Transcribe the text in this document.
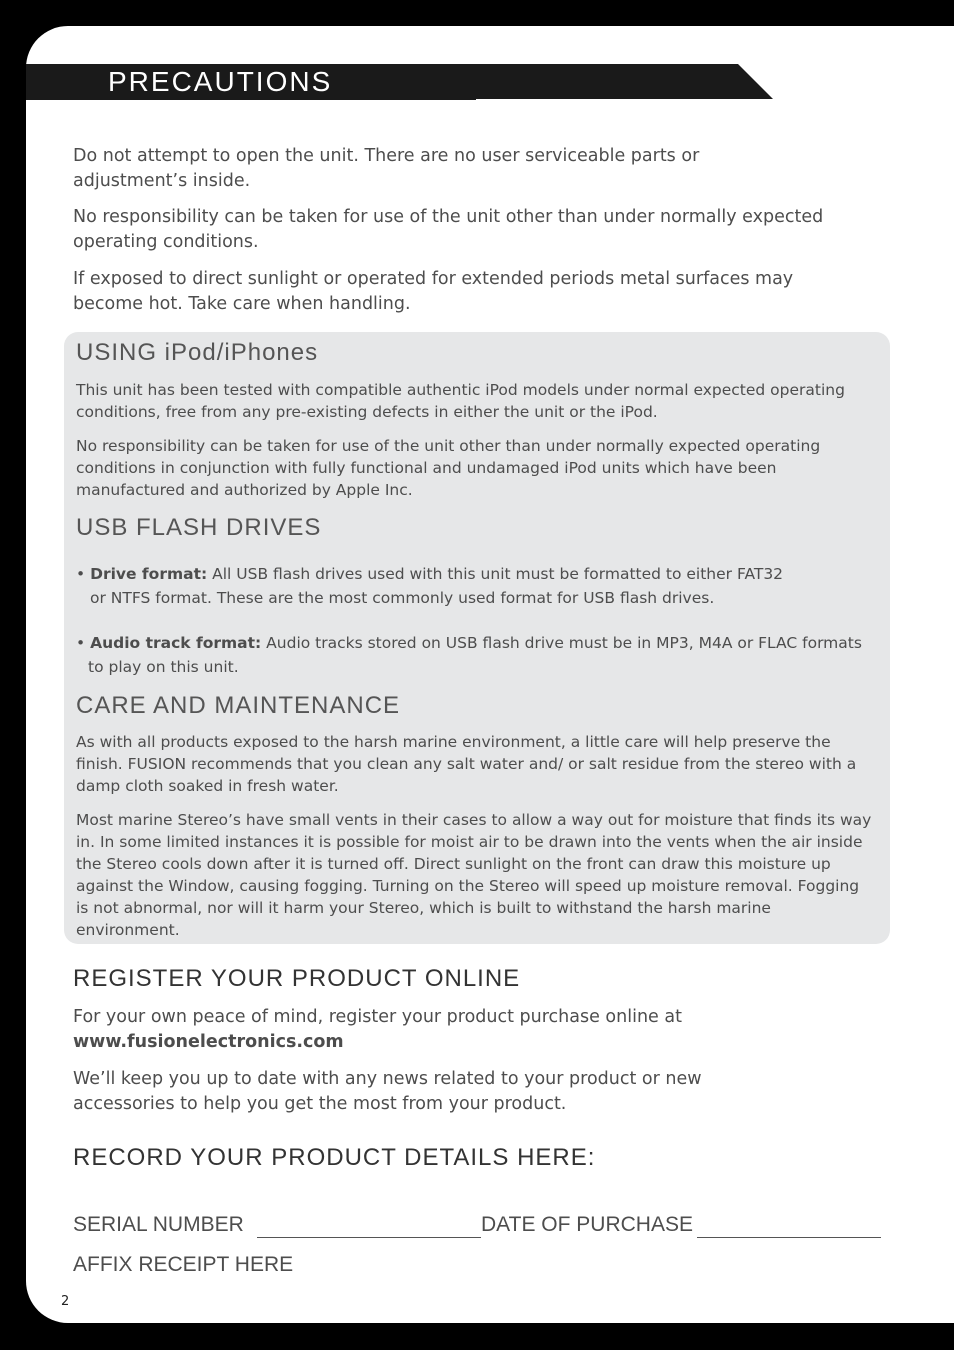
PRECAUTIONS

Do not attempt to open the unit. There are no user serviceable parts or adjustment’s inside.

No responsibility can be taken for use of the unit other than under normally expected operating conditions.

If exposed to direct sunlight or operated for extended periods metal surfaces may become hot. Take care when handling.

USING iPod/iPhones

This unit has been tested with compatible authentic iPod models under normal expected operating conditions, free from any pre-existing defects in either the unit or the iPod.

No responsibility can be taken for use of the unit other than under normally expected operating conditions in conjunction with fully functional and undamaged iPod units which have been manufactured and authorized by Apple Inc.

USB FLASH DRIVES

• Drive format: All USB flash drives used with this unit must be formatted to either FAT32
or NTFS format. These are the most commonly used format for USB flash drives.

• Audio track format: Audio tracks stored on USB flash drive must be in MP3, M4A or FLAC formats
to play on this unit.

CARE AND MAINTENANCE

As with all products exposed to the harsh marine environment, a little care will help preserve the finish. FUSION recommends that you clean any salt water and/ or salt residue from the stereo with a damp cloth soaked in fresh water.

Most marine Stereo’s have small vents in their cases to allow a way out for moisture that finds its way in. In some limited instances it is possible for moist air to be drawn into the vents when the air inside the Stereo cools down after it is turned off. Direct sunlight on the front can draw this moisture up against the Window, causing fogging. Turning on the Stereo will speed up moisture removal. Fogging is not abnormal, nor will it harm your Stereo, which is built to withstand the harsh marine environment.

REGISTER YOUR PRODUCT ONLINE

For your own peace of mind, register your product purchase online at
www.fusionelectronics.com

We’ll keep you up to date with any news related to your product or new accessories to help you get the most from your product.

RECORD YOUR PRODUCT DETAILS HERE:
SERIAL NUMBER	DATE OF PURCHASE
AFFIX RECEIPT HERE
2
